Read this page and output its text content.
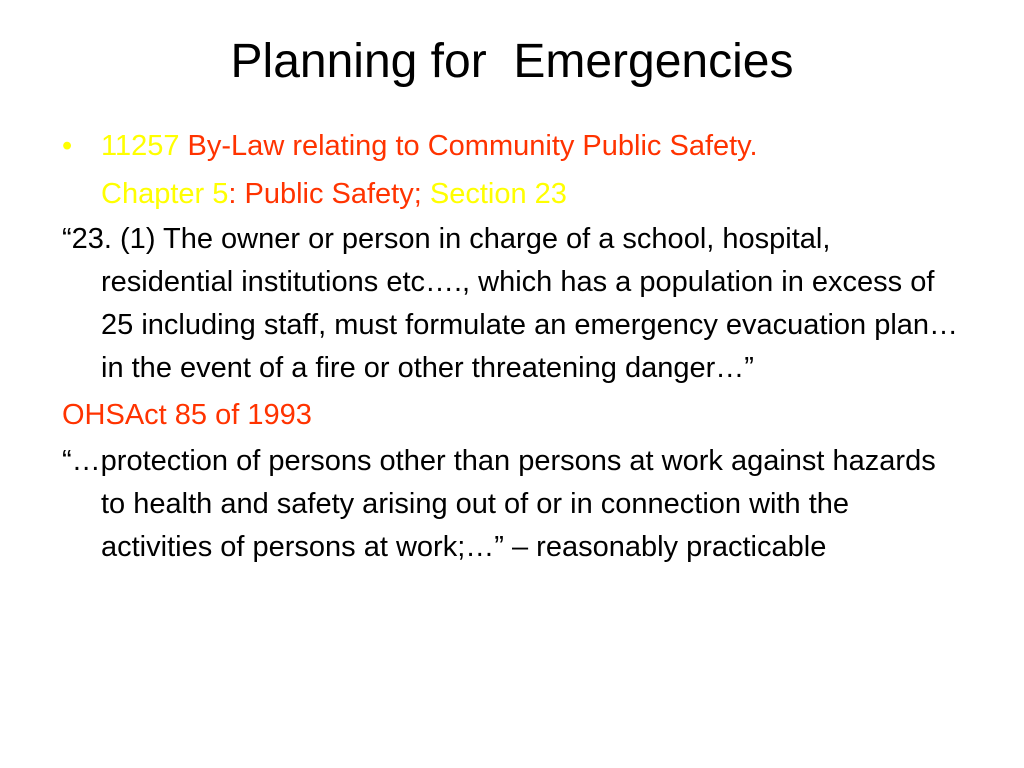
Planning for  Emergencies
• 11257 By-Law relating to Community Public Safety.
Chapter 5: Public Safety; Section 23
“23. (1) The owner or person in charge of a school, hospital, residential institutions etc…., which has a population in excess of 25 including staff, must formulate an emergency evacuation plan…in the event of a fire or other threatening danger…”
OHSAct 85 of 1993
“…protection of persons other than persons at work against hazards to health and safety arising out of or in connection with the activities of persons at work;…” – reasonably practicable
